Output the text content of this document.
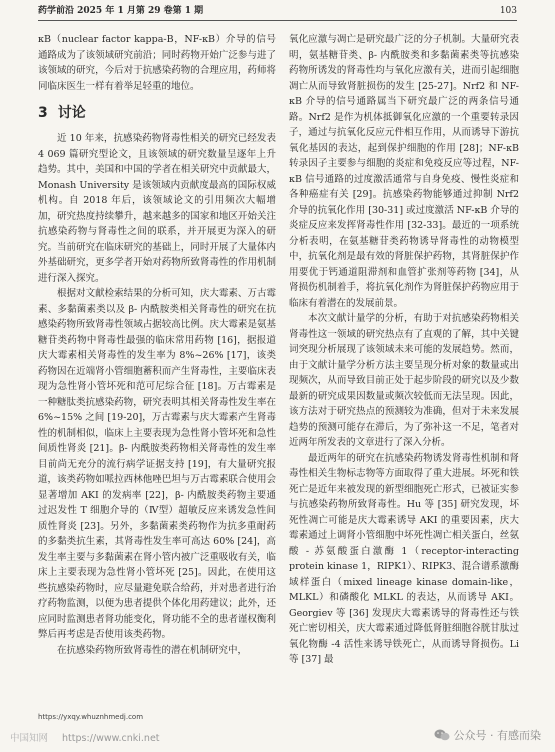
药学前沿 2025 年 1 月第 29 卷第 1 期	103

κB（nuclear factor kappa-B，NF-κB）介导的信号通路成为了该领域研究前沿；同时药物开始广泛参与进了该领域的研究，今后对于抗感染药物的合理应用，药师将同临床医生一样有着举足轻重的地位。

3 讨论

近 10 年来，抗感染药物肾毒性相关的研究已经发表 4 069 篇研究型论文，且该领域的研究数量呈逐年上升趋势。其中，美国和中国的学者在相关研究中贡献最大，Monash University 是该领域内贡献度最高的国际权威机构。自 2018 年后，该领域论文的引用频次大幅增加，研究热度持续攀升，越来越多的国家和地区开始关注抗感染药物与肾毒性之间的联系，并开展更为深入的研究。当前研究在临床研究的基础上，同时开展了大量体内外基础研究，更多学者开始对药物所致肾毒性的作用机制进行深入探究。

根据对文献检索结果的分析可知，庆大霉素、万古霉素、多黏菌素类以及 β- 内酰胺类相关肾毒性的研究在抗感染药物所致肾毒性领域占据较高比例。庆大霉素是氨基糖苷类药物中肾毒性最强的临床常用药物 [16]，据报道庆大霉素相关肾毒性的发生率为 8%~26% [17]，该类药物因在近端肾小管细胞蓄积而产生肾毒性，主要临床表现为急性肾小管坏死和范可尼综合征 [18]。万古霉素是一种糖肽类抗感染药物，研究表明其相关肾毒性发生率在 6%~15% 之间 [19-20]，万古霉素与庆大霉素产生肾毒性的机制相似，临床上主要表现为急性肾小管坏死和急性间质性肾炎 [21]。β- 内酰胺类药物相关肾毒性的发生率目前尚无充分的流行病学证据支持 [19]，有大量研究报道，该类药物如哌拉西林他唑巴坦与万古霉素联合使用会显著增加 AKI 的发病率 [22]，β- 内酰胺类药物主要通过迟发性 T 细胞介导的（Ⅳ型）超敏反应来诱发急性间质性肾炎 [23]。另外，多黏菌素类药物作为抗多重耐药的多黏类抗生素，其肾毒性发生率可高达 60% [24]，高发生率主要与多黏菌素在肾小管内被广泛重吸收有关，临床上主要表现为急性肾小管坏死 [25]。因此，在使用这些抗感染药物时，应尽量避免联合给药，并对患者进行治疗药物监测，以便为患者提供个体化用药建议；此外，还应同时监测患者肾功能变化，肾功能不全的患者谨权衡利弊后再考虑是否使用该类药物。

在抗感染药物所致肾毒性的潜在机制研究中，

氧化应激与凋亡是研究最广泛的分子机制。大量研究表明，氨基糖苷类、β- 内酰胺类和多黏菌素类等抗感染药物所诱发的肾毒性均与氧化应激有关，进而引起细胞凋亡从而导致肾脏损伤的发生 [25-27]。Nrf2 和 NF-κB 介导的信号通路属当下研究最广泛的两条信号通路。Nrf2 是作为机体抵御氧化应激的一个重要转录因子，通过与抗氧化反应元件相互作用，从而诱导下游抗氧化基因的表达，起到保护细胞的作用 [28]；NF-κB 转录因子主要参与细胞的炎症和免疫反应等过程，NF-κB 信号通路的过度激活通常与自身免疫、慢性炎症和各种癌症有关 [29]。抗感染药物能够通过抑制 Nrf2 介导的抗氧化作用 [30-31] 或过度激活 NF-κB 介导的炎症反应来发挥肾毒性作用 [32-33]。最近的一项系统分析表明，在氨基糖苷类药物诱导肾毒性的动物模型中，抗氧化剂是最有效的肾脏保护药物，其肾脏保护作用要优于钙通道阻滞剂和血管扩张剂等药物 [34]，从肾损伤机制着手，将抗氧化剂作为肾脏保护药物应用于临床有着潜在的发展前景。

本次文献计量学的分析，有助于对抗感染药物相关肾毒性这一领域的研究热点有了直观的了解，其中关键词突现分析展现了该领域未来可能的发展趋势。然而，由于文献计量学分析方法主要呈现分析对象的数量或出现频次，从而导致目前正处于起步阶段的研究以及少数最新的研究成果因数量或频次较低而无法呈现。因此，该方法对于研究热点的预测较为准确，但对于未来发展趋势的预测可能存在滞后，为了弥补这一不足，笔者对近两年所发表的文章进行了深入分析。

最近两年的研究在抗感染药物诱发肾毒性机制和肾毒性相关生物标志物等方面取得了重大进展。坏死和铁死亡是近年来被发现的新型细胞死亡形式，已被证实参与抗感染药物所致肾毒性。Hu 等 [35] 研究发现，坏死性凋亡可能是庆大霉素诱导 AKI 的重要因素，庆大霉素通过上调肾小管细胞中坏死性凋亡相关蛋白，丝氨酸 - 苏氨酸蛋白激酶 1（receptor-interacting protein kinase 1，RIPK1）、RIPK3、混合谱系激酶域样蛋白（mixed lineage kinase domain-like，MLKL）和磷酸化 MLKL 的表达，从而诱导 AKI。Georgiev 等 [36] 发现庆大霉素诱导的肾毒性还与铁死亡密切相关，庆大霉素通过降低肾脏细胞谷胱甘肽过氧化物酶 -4 活性来诱导铁死亡，从而诱导肾损伤。Li 等 [37] 最

https://yxqy.whuznhmedj.com
中国知网 https://www.cnki.net	公众号 · 有感而染
